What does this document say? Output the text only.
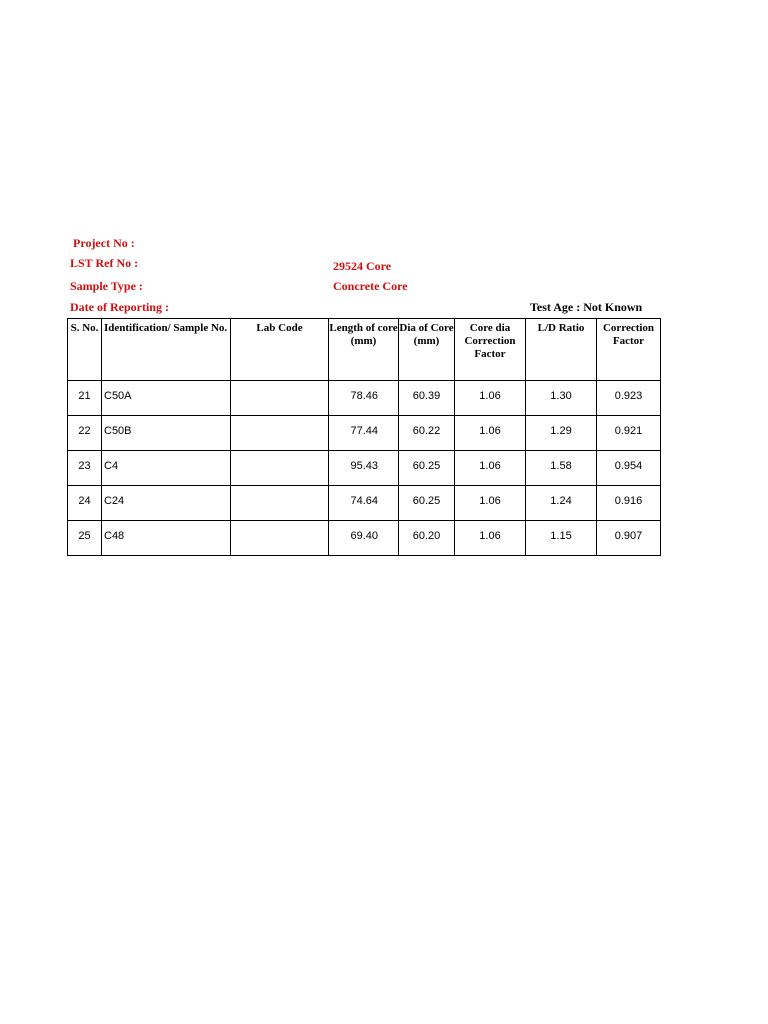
Project No :
LST Ref No :	29524 Core
Sample Type :	Concrete Core
Date of Reporting :	Test Age : Not Known
S. No.	Identification/ Sample No.	Lab Code	Length of core (mm)	Dia of Core (mm)	Core dia Correction Factor	L/D Ratio	Correction Factor
21	C50A		78.46	60.39	1.06	1.30	0.923
22	C50B		77.44	60.22	1.06	1.29	0.921
23	C4		95.43	60.25	1.06	1.58	0.954
24	C24		74.64	60.25	1.06	1.24	0.916
25	C48		69.40	60.20	1.06	1.15	0.907
